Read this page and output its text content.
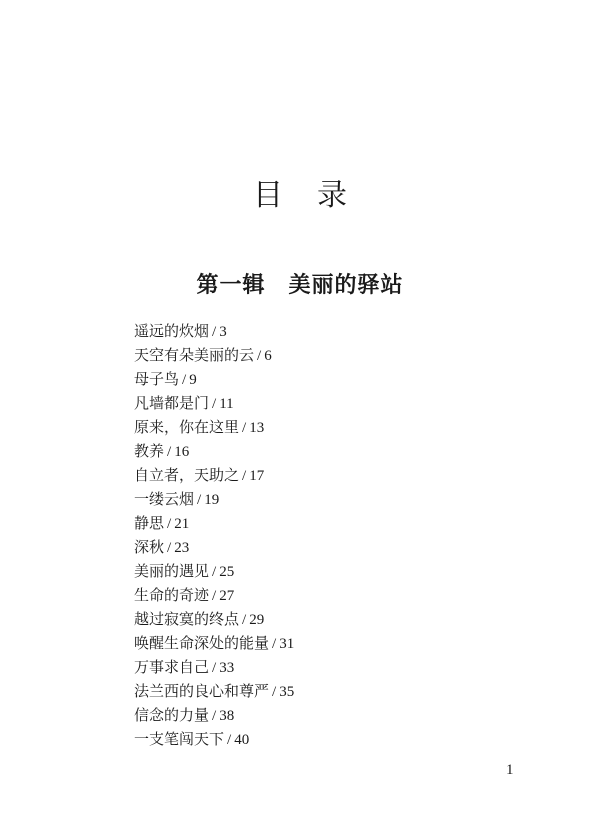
目录
第一辑　美丽的驿站
遥远的炊烟 / 3
天空有朵美丽的云 / 6
母子鸟 / 9
凡墙都是门 / 11
原来，你在这里 / 13
教养 / 16
自立者，天助之 / 17
一缕云烟 / 19
静思 / 21
深秋 / 23
美丽的遇见 / 25
生命的奇迹 / 27
越过寂寞的终点 / 29
唤醒生命深处的能量 / 31
万事求自己 / 33
法兰西的良心和尊严 / 35
信念的力量 / 38
一支笔闯天下 / 40
1
